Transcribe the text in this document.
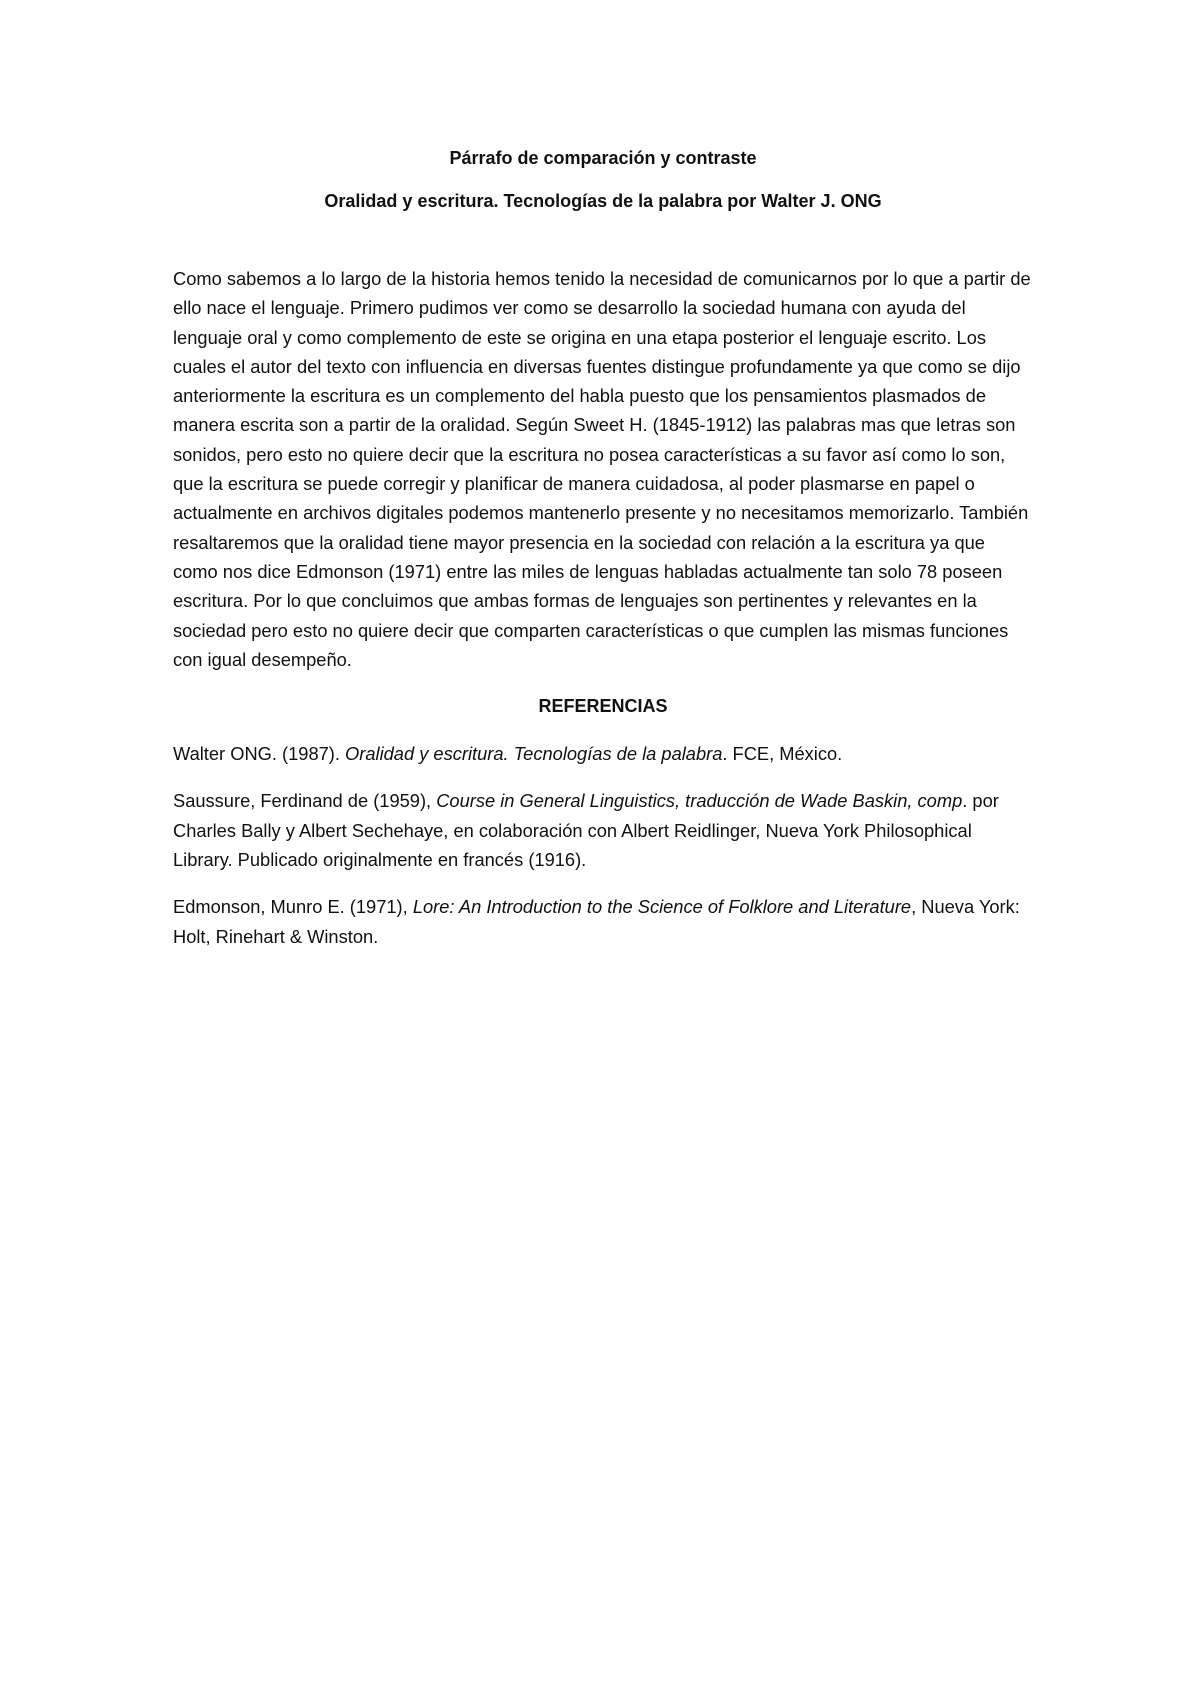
Párrafo de comparación y contraste

Oralidad y escritura. Tecnologías de la palabra por Walter J. ONG

Como sabemos a lo largo de la historia hemos tenido la necesidad de comunicarnos por lo que a partir de ello nace el lenguaje. Primero pudimos ver como se desarrollo la sociedad humana con ayuda del lenguaje oral y como complemento de este se origina en una etapa posterior el lenguaje escrito. Los cuales el autor del texto con influencia en diversas fuentes distingue profundamente ya que como se dijo anteriormente la escritura es un complemento del habla puesto que los pensamientos plasmados de manera escrita son a partir de la oralidad. Según Sweet H. (1845-1912) las palabras mas que letras son sonidos, pero esto no quiere decir que la escritura no posea características a su favor así como lo son, que la escritura se puede corregir y planificar de manera cuidadosa, al poder plasmarse en papel o actualmente en archivos digitales podemos mantenerlo presente y no necesitamos memorizarlo. También resaltaremos que la oralidad tiene mayor presencia en la sociedad con relación a la escritura ya que como nos dice Edmonson (1971) entre las miles de lenguas habladas actualmente tan solo 78 poseen escritura. Por lo que concluimos que ambas formas de lenguajes son pertinentes y relevantes en la sociedad pero esto no quiere decir que comparten características o que cumplen las mismas funciones con igual desempeño.

REFERENCIAS

Walter ONG. (1987). Oralidad y escritura. Tecnologías de la palabra. FCE, México.

Saussure, Ferdinand de (1959), Course in General Linguistics, traducción de Wade Baskin, comp. por Charles Bally y Albert Sechehaye, en colaboración con Albert Reidlinger, Nueva York Philosophical Library. Publicado originalmente en francés (1916).

Edmonson, Munro E. (1971), Lore: An Introduction to the Science of Folklore and Literature, Nueva York: Holt, Rinehart & Winston.
